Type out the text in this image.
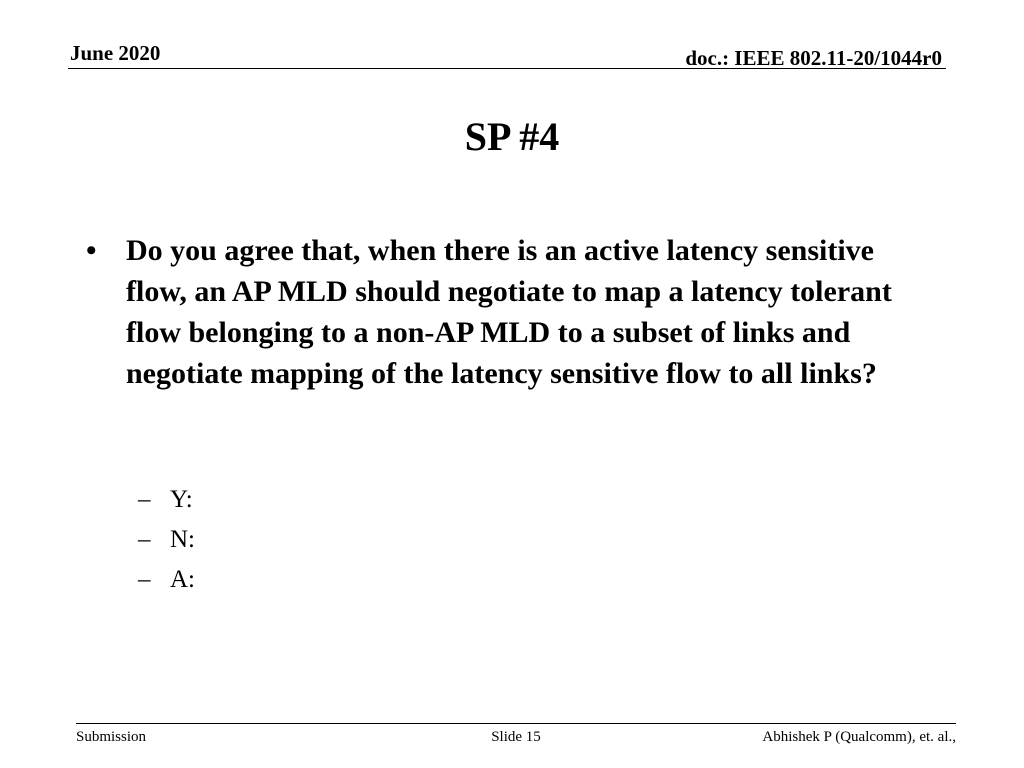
June 2020	doc.: IEEE 802.11-20/1044r0
SP #4
• Do you agree that, when there is an active latency sensitive flow, an AP MLD should negotiate to map a latency tolerant flow belonging to a non-AP MLD to a subset of links and negotiate mapping of the latency sensitive flow to all links?
– Y:
– N:
– A:
Submission	Slide 15	Abhishek P (Qualcomm), et. al.,
